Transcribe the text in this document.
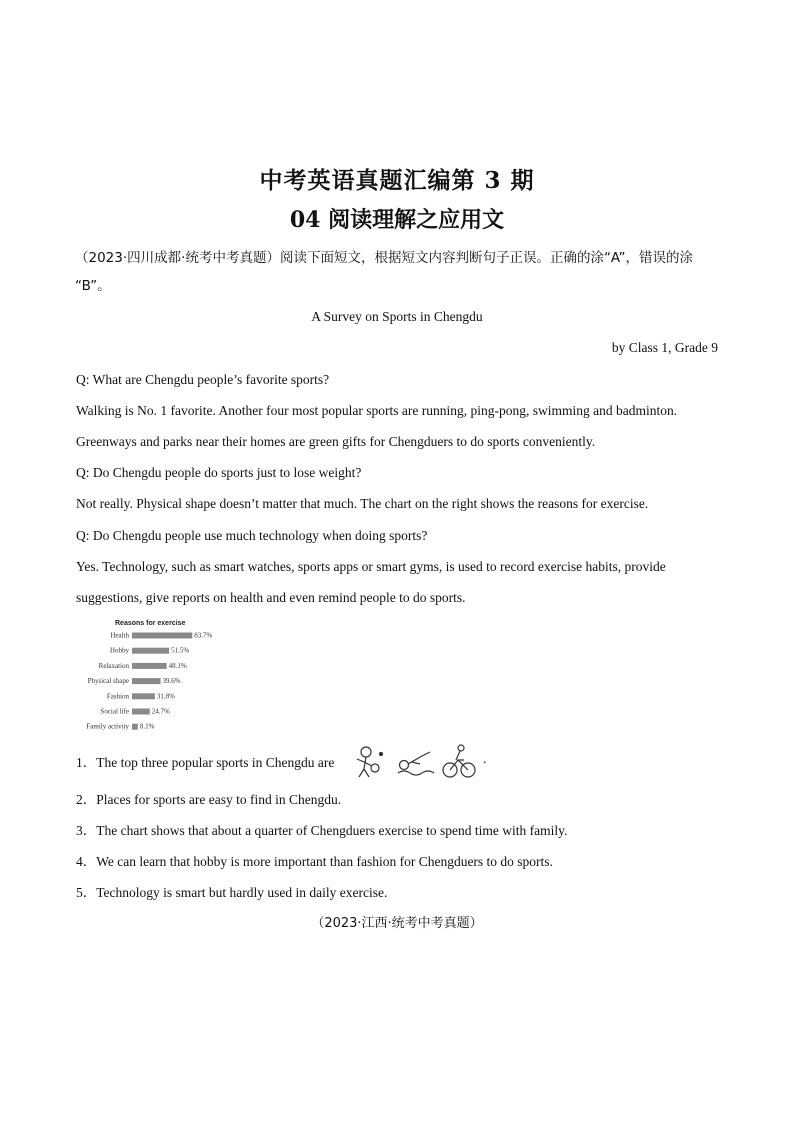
中考英语真题汇编第 3 期
04 阅读理解之应用文
（2023·四川成都·统考中考真题）阅读下面短文，根据短文内容判断句子正误。正确的涂“A”，错误的涂
“B”。
A Survey on Sports in Chengdu
by Class 1, Grade 9
Q: What are Chengdu people’s favorite sports?
Walking is No. 1 favorite. Another four most popular sports are running, ping-pong, swimming and badminton.
Greenways and parks near their homes are green gifts for Chengduers to do sports conveniently.
Q: Do Chengdu people do sports just to lose weight?
Not really. Physical shape doesn’t matter that much. The chart on the right shows the reasons for exercise.
Q: Do Chengdu people use much technology when doing sports?
Yes. Technology, such as smart watches, sports apps or smart gyms, is used to record exercise habits, provide
suggestions, give reports on health and even remind people to do sports.
Reasons for exercise
Health	83.7%
Hobby	51.5%
Relaxation	48.1%
Physical shape	39.6%
Fashion	31.8%
Social life	24.7%
Family activity 8.1%
1．The top three popular sports in Chengdu are	.
2．Places for sports are easy to find in Chengdu.
3．The chart shows that about a quarter of Chengduers exercise to spend time with family.
4．We can learn that hobby is more important than fashion for Chengduers to do sports.
5．Technology is smart but hardly used in daily exercise.
（2023·江西·统考中考真题）
